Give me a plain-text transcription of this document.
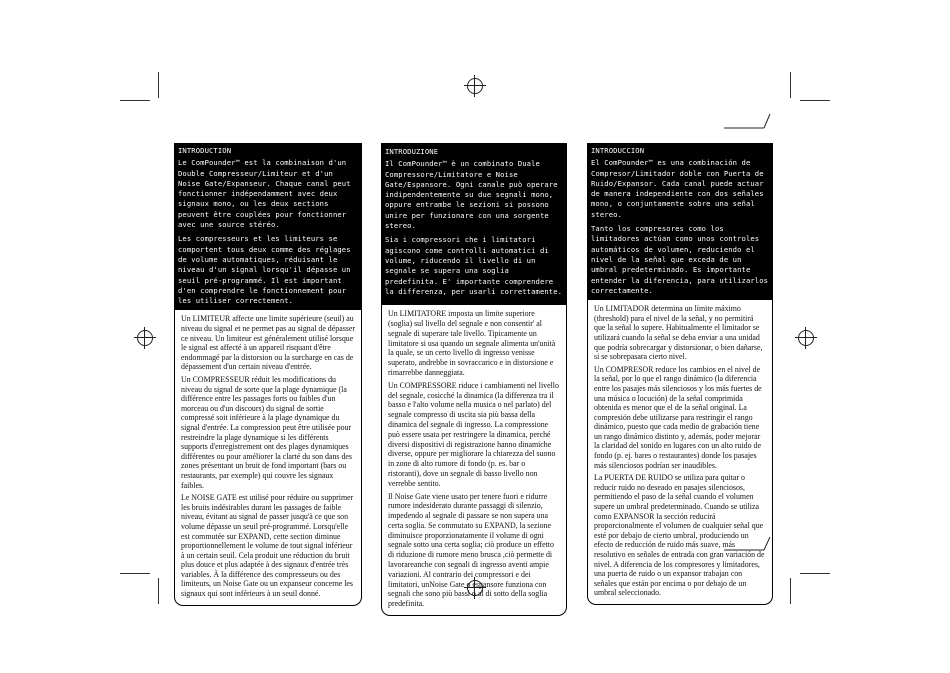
INTRODUCTION

Le ComPounder™ est la combinaison d'un Double Compresseur/Limiteur et d'un Noise Gate/Expanseur. Chaque canal peut fonctionner indépendamment avec deux signaux mono, ou les deux sections peuvent être couplées pour fonctionner avec une source stéréo.

Les compresseurs et les limiteurs se comportent tous deux comme des réglages de volume automatiques, réduisant le niveau d'un signal lorsqu'il dépasse un seuil pré-programmé. Il est important d'en comprendre le fonctionnement pour les utiliser correctement.

Un LIMITEUR affecte une limite supérieure (seuil) au niveau du signal et ne permet pas au signal de dépasser ce niveau. Un limiteur est généralement utilisé lorsque le signal est affecté à un appareil risquant d'être endommagé par la distorsion ou la surcharge en cas de dépassement d'un certain niveau d'entrée.

Un COMPRESSEUR réduit les modifications du niveau du signal de sorte que la plage dynamique (la différence entre les passages forts ou faibles d'un morceau ou d'un discours) du signal de sortie compressé soit inférieure à la plage dynamique du signal d'entrée. La compression peut être utilisée pour restreindre la plage dynamique si les différents supports d'enregistrement ont des plages dynamiques différentes ou pour améliorer la clarté du son dans des zones présentant un bruit de fond important (bars ou restaurants, par exemple) qui couvre les signaux faibles.

Le NOISE GATE est utilisé pour réduire ou supprimer les bruits indésirables durant les passages de faible niveau, évitant au signal de passer jusqu'à ce que son volume dépasse un seuil pré-programmé. Lorsqu'elle est commutée sur EXPAND, cette section diminue proportionnellement le volume de tout signal inférieur à un certain seuil. Cela produit une réduction du bruit plus douce et plus adaptée à des signaux d'entrée très variables. À la différence des compresseurs ou des limiteurs, un Noise Gate ou un expanseur concerne les signaux qui sont inférieurs à un seuil donné.

INTRODUZIONE

Il ComPounder™ è un combinato Duale Compressore/Limitatore e Noise Gate/Espansore. Ogni canale può operare indipendentemente su due segnali mono, oppure entrambe le sezioni si possono unire per funzionare con una sorgente stereo.

Sia i compressori che i limitatori agiscono come controlli automatici di volume, riducendo il livello di un segnale se supera una soglia predefinita. E' importante comprendere la differenza, per usarli correttamente.

Un LIMITATORE imposta un limite superiore (soglia) sul livello del segnale e non consentir' al segnale di superare tale livello. Tipicamente un limitatore si usa quando un segnale alimenta un'unità la quale, se un certo livello di ingresso venisse superato, andrebbe in sovraccarico e in distorsione e rimarrebbe danneggiata.

Un COMPRESSORE riduce i cambiamenti nel livello del segnale, cosicché la dinamica (la differenza tra il basso e l'alto volume nella musica o nel parlato) del segnale compresso di uscita sia più bassa della dinamica del segnale di ingresso. La compressione può essere usata per restringere la dinamica, perché diversi dispositivi di registrazione hanno dinamiche diverse, oppure per migliorare la chiarezza del suono in zone di alto rumore di fondo (p. es. bar o ristoranti), dove un segnale di basso livello non verrebbe sentito.

Il Noise Gate viene usato per tenere fuori e ridurre rumore indesiderato durante passaggi di silenzio, impedendo al segnale di passare se non supera una certa soglia. Se commutato su EXPAND, la sezione diminuisce proporzionatamente il volume di ogni segnale sotto una certa soglia; ciò produce un effetto di riduzione di rumore meno brusca ,ciò permette di lavorareanche con segnali di ingresso aventi ampie variazioni. Al contrario dei compressori e dei limitatori, unNoise Gate o espansore funziona con segnali che sono più bassi o al di sotto della soglia predefinita.

INTRODUCCION

El ComPounder™ es una combinación de Compresor/Limitador doble con Puerta de Ruido/Expansor. Cada canal puede actuar de manera independiente con dos señales mono, o conjuntamente sobre una señal stereo.

Tanto los compresores como los limitadores actúan como unos controles automáticos de volumen, reduciendo el nivel de la señal que exceda de un umbral predeterminado. Es importante entender la diferencia, para utilizarlos correctamente.

Un LIMITADOR determina un límite máximo (threshold) para el nivel de la señal, y no permitirá que la señal lo supere. Habitualmente el limitador se utilizará cuando la señal se deba enviar a una unidad que podría sobrecargar y distorsionar, o bien dañarse, si se sobrepasara cierto nivel.

Un COMPRESOR reduce los cambios en el nivel de la señal, por lo que el rango dinámico (la diferencia entre los pasajes más silenciosos y los más fuertes de una música o locución) de la señal comprimida obtenida es menor que el de la señal original. La compresión debe utilizarse para restringir el rango dinámico, puesto que cada medio de grabación tiene un rango dinámico distinto y, además, poder mejorar la claridad del sonido en lugares con un alto ruido de fondo (p. ej. bares o restaurantes) donde los pasajes más silenciosos podrían ser inaudibles.

La PUERTA DE RUIDO se utiliza para quitar o reducir ruido no deseado en pasajes silenciosos, permitiendo el paso de la señal cuando el volumen supere un umbral predeterminado. Cuando se utiliza como EXPANSOR la sección reducirá proporcionalmente el volumen de cualquier señal que esté por debajo de cierto umbral, produciendo un efecto de reducción de ruido más suave, más resolutivo en señales de entrada con gran variación de nivel. A diferencia de los compresores y limitadores, una puerta de ruido o un expansor trabajan con señales que están por encima o por debajo de un umbral seleccionado.
